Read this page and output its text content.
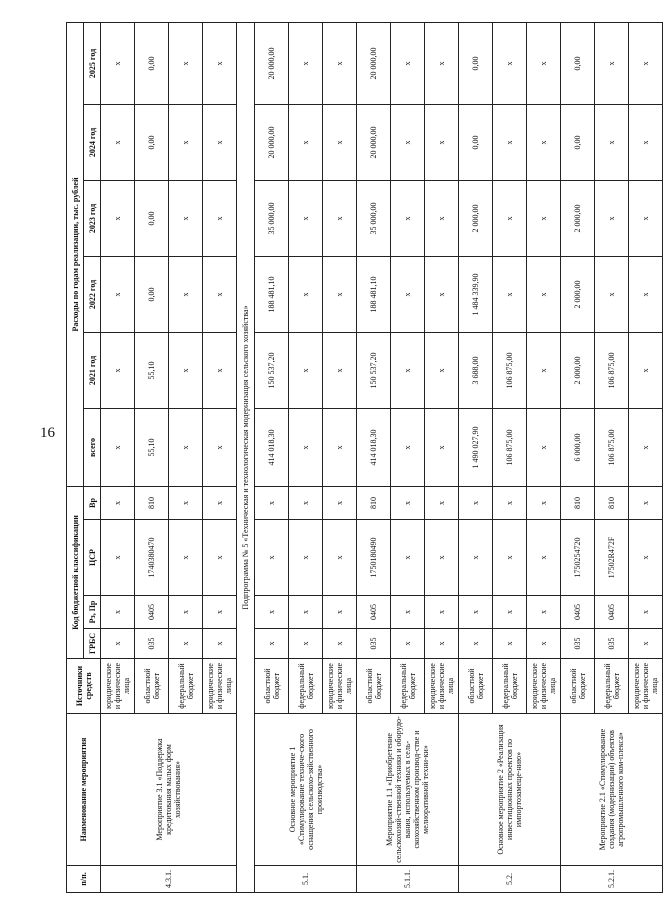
16
п/п.	Наименование мероприятия	Источники средств	Код бюджетной классификации				Расходы по годам реализации, тыс. рублей					
			ГРБС	Рз, Пр	ЦСР	Вр	всего	2021 год	2022 год	2023 год	2024 год	2025 год
4.3.1.	Мероприятие 3.1 «Поддержка кредитования малых форм хозяйствования»	юридические и физические лица	х	х	х	х	х	х	х	х	х	х
		областной бюджет	035	0405	1740380470	810	55,10	55,10	0,00	0,00	0,00	0,00
		федеральный бюджет	х	х	х	х	х	х	х	х	х	х
		юридические и физические лица	х	х	х	х	х	х	х	х	х	х
Подпрограмма № 5 «Техническая и технологическая модернизация сельского хозяйства»												
5.1.	Основное мероприятие 1 «Стимулирование техниче-ского оснащения сельскохо-зяйственного производства»	областной бюджет	х	х	х	х	414 018,30	150 537,20	188 481,10	35 000,00	20 000,00	20 000,00
		федеральный бюджет	х	х	х	х	х	х	х	х	х	х
		юридические и физические лица	х	х	х	х	х	х	х	х	х	х
5.1.1.	Мероприятие 1.1 «Приобретение сельскохозяй-ственной техники и оборудо-вания, используемых в сель-скохозяйственном производ-стве и мелиоративной техни-ки»	областной бюджет	035	0405	1750180490	810	414 018,30	150 537,20	188 481,10	35 000,00	20 000,00	20 000,00
		федеральный бюджет	х	х	х	х	х	х	х	х	х	х
		юридические и физические лица	х	х	х	х	х	х	х	х	х	х
5.2.	Основное мероприятие 2 «Реализация инвестиционных проектов по импортозамеще-нию»	областной бюджет	х	х	х	х	1 490 027,90	3 688,00	1 484 339,90	2 000,00	0,00	0,00
		федеральный бюджет	х	х	х	х	106 875,00	106 875,00	х	х	х	х
		юридические и физические лица	х	х	х	х	х	х	х	х	х	х
5.2.1.	Мероприятие 2.1 «Стимулирование создания (модернизации) объектов агропромышленного ком-плекса»	областной бюджет	035	0405	1750254720	810	6 000,00	2 000,00	2 000,00	2 000,00	0,00	0,00
		федеральный бюджет	035	0405	17502R472F	810	106 875,00	106 875,00	х	х	х	х
		юридические и физические лица	х	х	х	х	х	х	х	х	х	х
